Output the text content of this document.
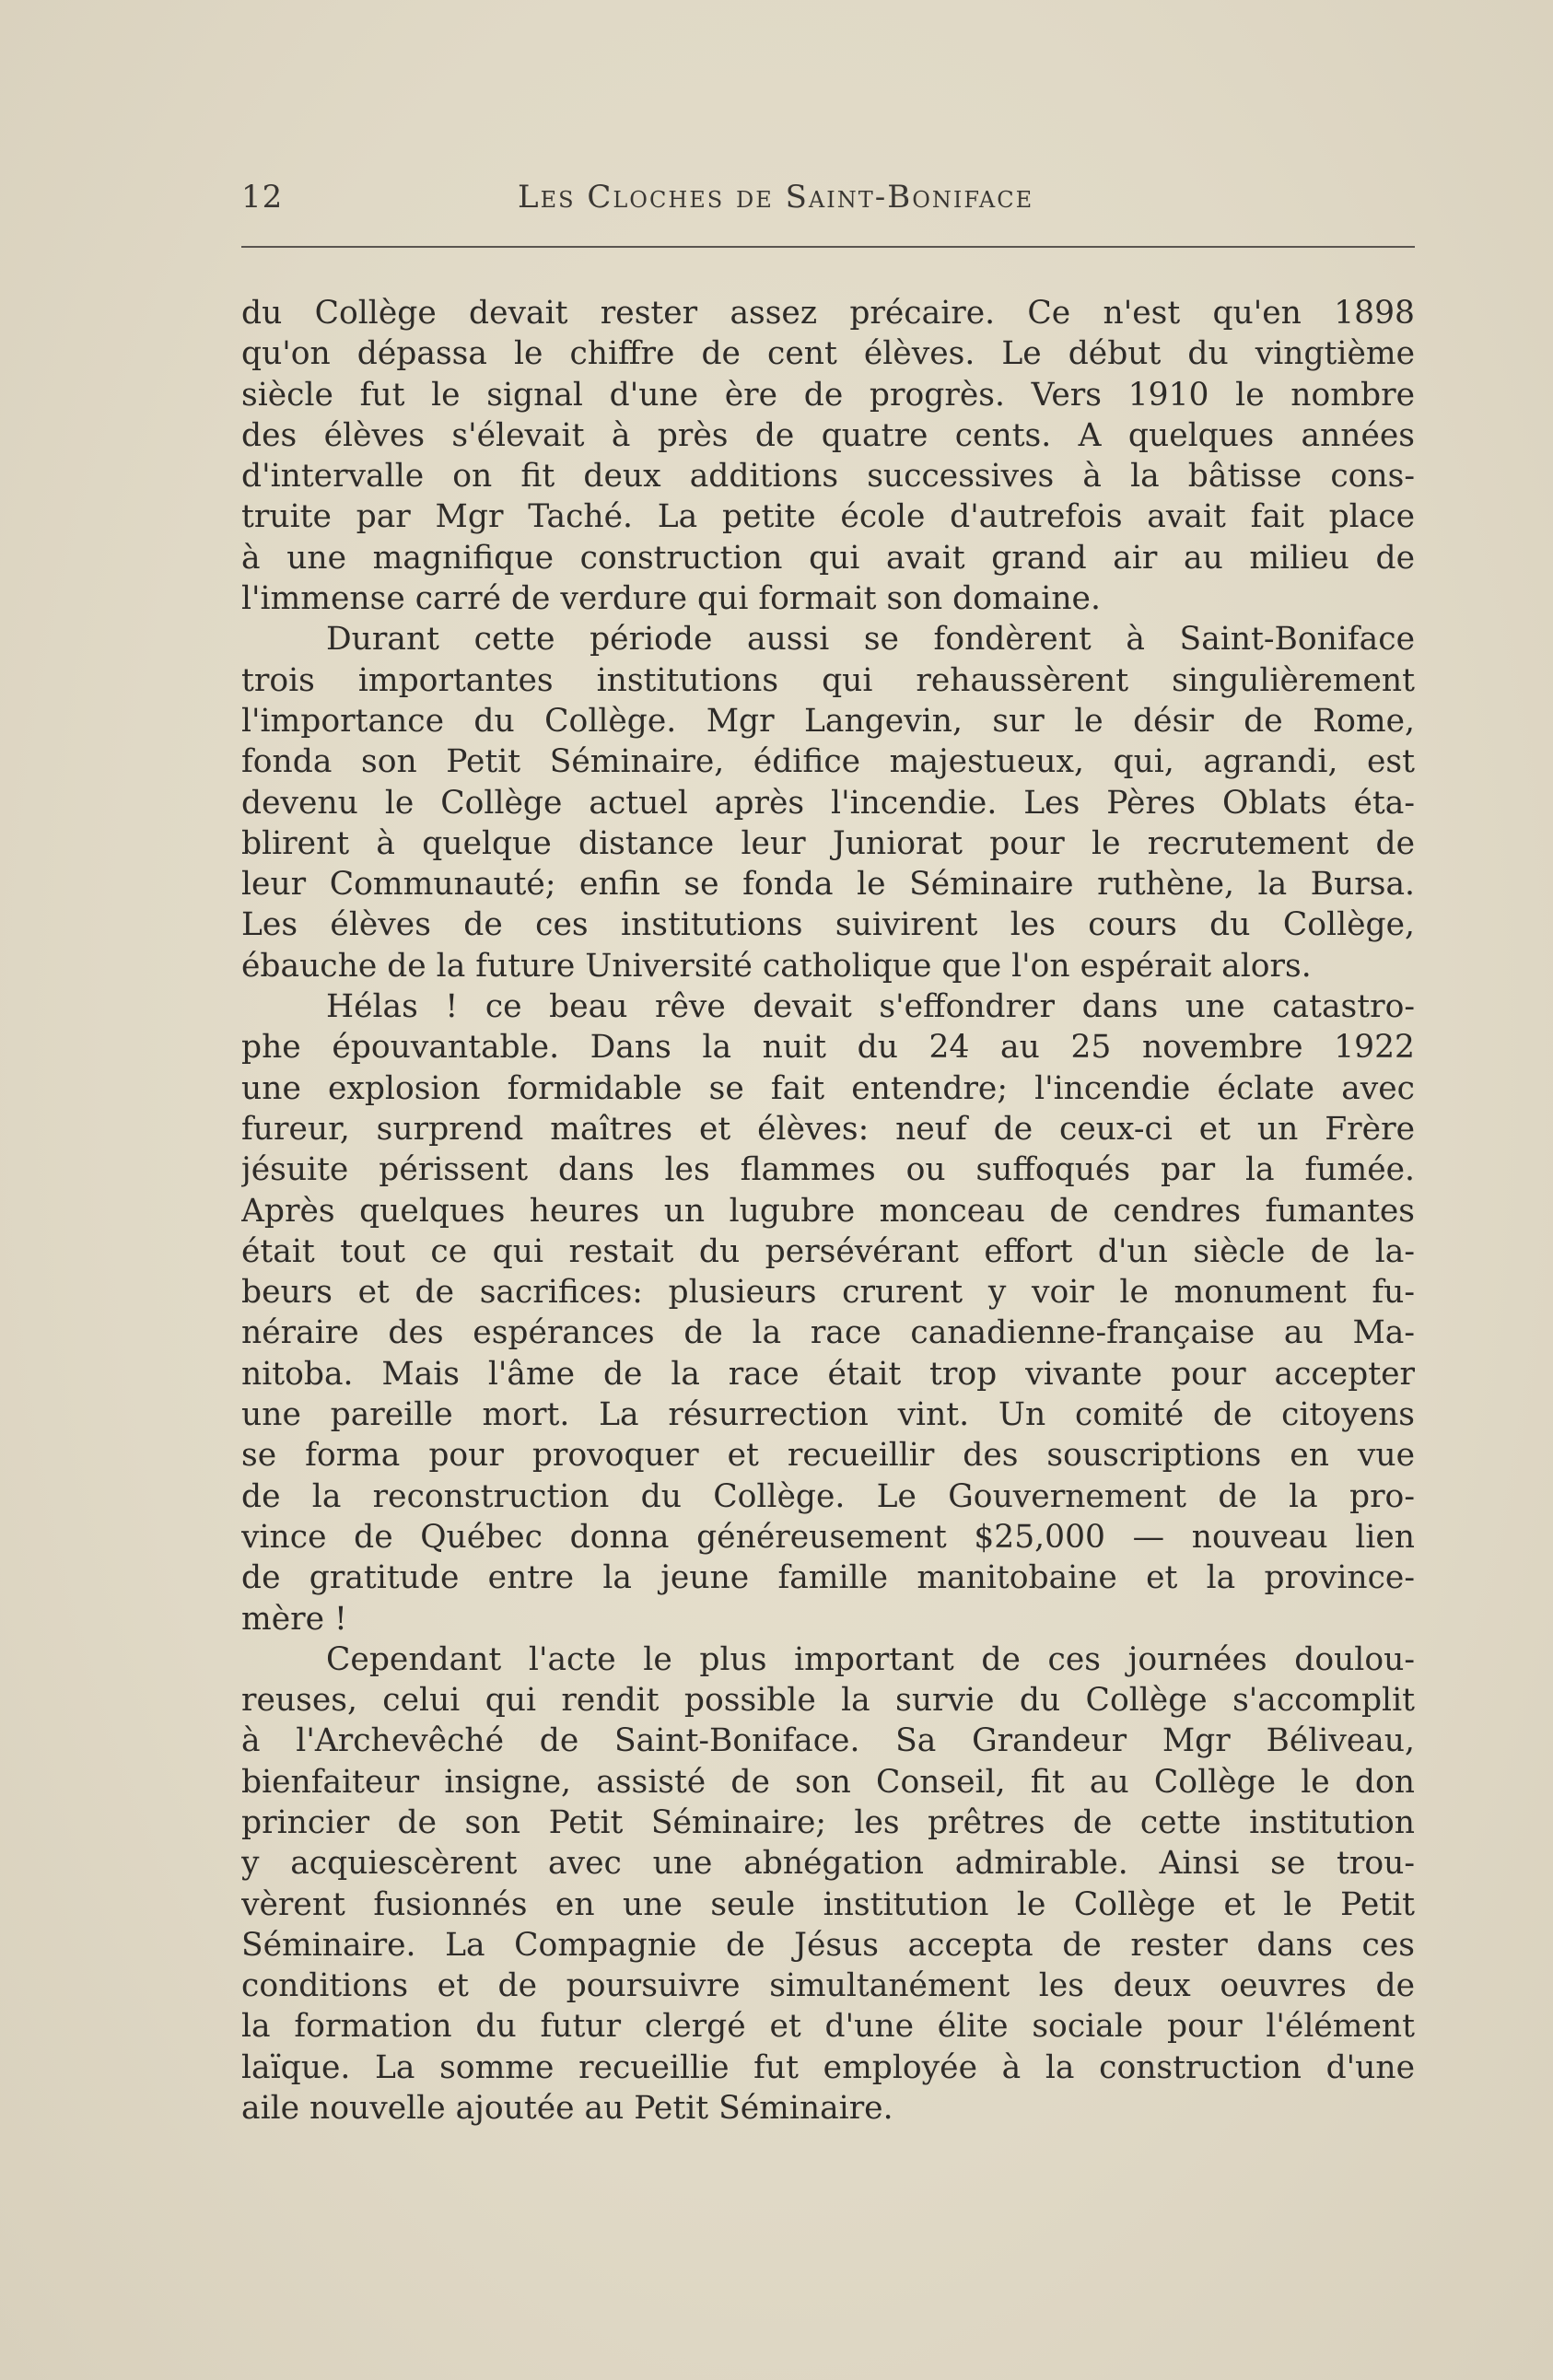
12	Les Cloches de Saint-Boniface
du Collège devait rester assez précaire. Ce n'est qu'en 1898
qu'on dépassa le chiffre de cent élèves. Le début du vingtième
siècle fut le signal d'une ère de progrès. Vers 1910 le nombre
des élèves s'élevait à près de quatre cents. A quelques années
d'intervalle on fit deux additions successives à la bâtisse cons-
truite par Mgr Taché. La petite école d'autrefois avait fait place
à une magnifique construction qui avait grand air au milieu de
l'immense carré de verdure qui formait son domaine.
Durant cette période aussi se fondèrent à Saint-Boniface
trois importantes institutions qui rehaussèrent singulièrement
l'importance du Collège. Mgr Langevin, sur le désir de Rome,
fonda son Petit Séminaire, édifice majestueux, qui, agrandi, est
devenu le Collège actuel après l'incendie. Les Pères Oblats éta-
blirent à quelque distance leur Juniorat pour le recrutement de
leur Communauté; enfin se fonda le Séminaire ruthène, la Bursa.
Les élèves de ces institutions suivirent les cours du Collège,
ébauche de la future Université catholique que l'on espérait alors.
Hélas ! ce beau rêve devait s'effondrer dans une catastro-
phe épouvantable. Dans la nuit du 24 au 25 novembre 1922
une explosion formidable se fait entendre; l'incendie éclate avec
fureur, surprend maîtres et élèves: neuf de ceux-ci et un Frère
jésuite périssent dans les flammes ou suffoqués par la fumée.
Après quelques heures un lugubre monceau de cendres fumantes
était tout ce qui restait du persévérant effort d'un siècle de la-
beurs et de sacrifices: plusieurs crurent y voir le monument fu-
néraire des espérances de la race canadienne-française au Ma-
nitoba. Mais l'âme de la race était trop vivante pour accepter
une pareille mort. La résurrection vint. Un comité de citoyens
se forma pour provoquer et recueillir des souscriptions en vue
de la reconstruction du Collège. Le Gouvernement de la pro-
vince de Québec donna généreusement $25,000 — nouveau lien
de gratitude entre la jeune famille manitobaine et la province-
mère !
Cependant l'acte le plus important de ces journées doulou-
reuses, celui qui rendit possible la survie du Collège s'accomplit
à l'Archevêché de Saint-Boniface. Sa Grandeur Mgr Béliveau,
bienfaiteur insigne, assisté de son Conseil, fit au Collège le don
princier de son Petit Séminaire; les prêtres de cette institution
y acquiescèrent avec une abnégation admirable. Ainsi se trou-
vèrent fusionnés en une seule institution le Collège et le Petit
Séminaire. La Compagnie de Jésus accepta de rester dans ces
conditions et de poursuivre simultanément les deux oeuvres de
la formation du futur clergé et d'une élite sociale pour l'élément
laïque. La somme recueillie fut employée à la construction d'une
aile nouvelle ajoutée au Petit Séminaire.
